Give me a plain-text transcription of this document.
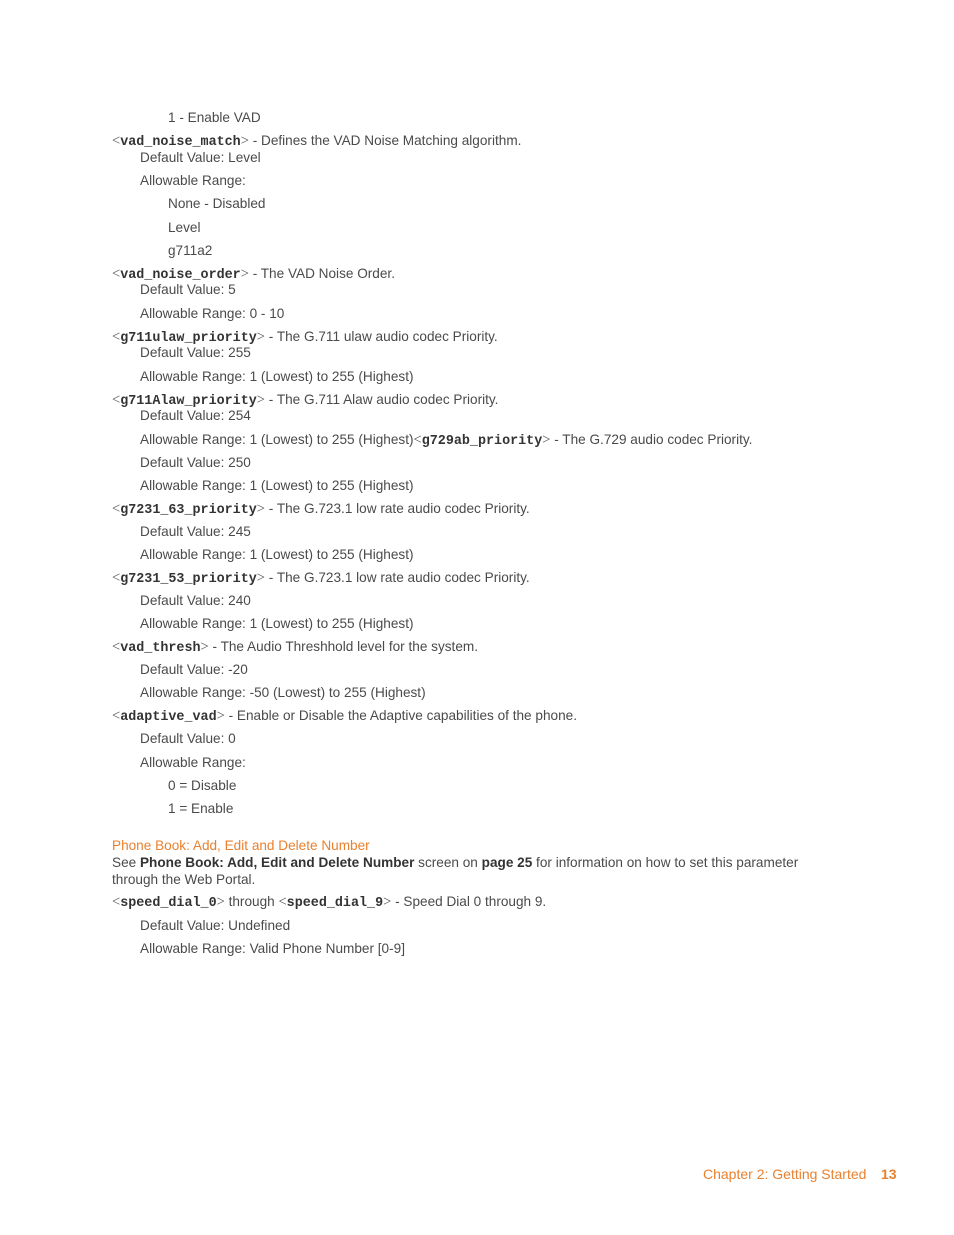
1 - Enable VAD
<vad_noise_match> - Defines the VAD Noise Matching algorithm.
Default Value: Level
Allowable Range:
None - Disabled
Level
g711a2
<vad_noise_order> - The VAD Noise Order.
Default Value: 5
Allowable Range: 0 - 10
<g711ulaw_priority> - The G.711 ulaw audio codec Priority.
Default Value: 255
Allowable Range: 1 (Lowest) to 255 (Highest)
<g711Alaw_priority> - The G.711 Alaw audio codec Priority.
Default Value: 254
Allowable Range: 1 (Lowest) to 255 (Highest)<g729ab_priority> - The G.729 audio codec Priority.
Default Value: 250
Allowable Range: 1 (Lowest) to 255 (Highest)
<g7231_63_priority> - The G.723.1 low rate audio codec Priority.
Default Value: 245
Allowable Range: 1 (Lowest) to 255 (Highest)
<g7231_53_priority> - The G.723.1 low rate audio codec Priority.
Default Value: 240
Allowable Range: 1 (Lowest) to 255 (Highest)
<vad_thresh> - The Audio Threshhold level for the system.
Default Value: -20
Allowable Range: -50 (Lowest) to 255 (Highest)
<adaptive_vad> - Enable or Disable the Adaptive capabilities of the phone.
Default Value: 0
Allowable Range:
0 = Disable
1 = Enable
Phone Book: Add, Edit and Delete Number
See Phone Book: Add, Edit and Delete Number screen on page 25 for information on how to set this parameter through the Web Portal.
<speed_dial_0> through <speed_dial_9> - Speed Dial 0 through 9.
Default Value: Undefined
Allowable Range: Valid Phone Number [0-9]
Chapter 2: Getting Started 13
